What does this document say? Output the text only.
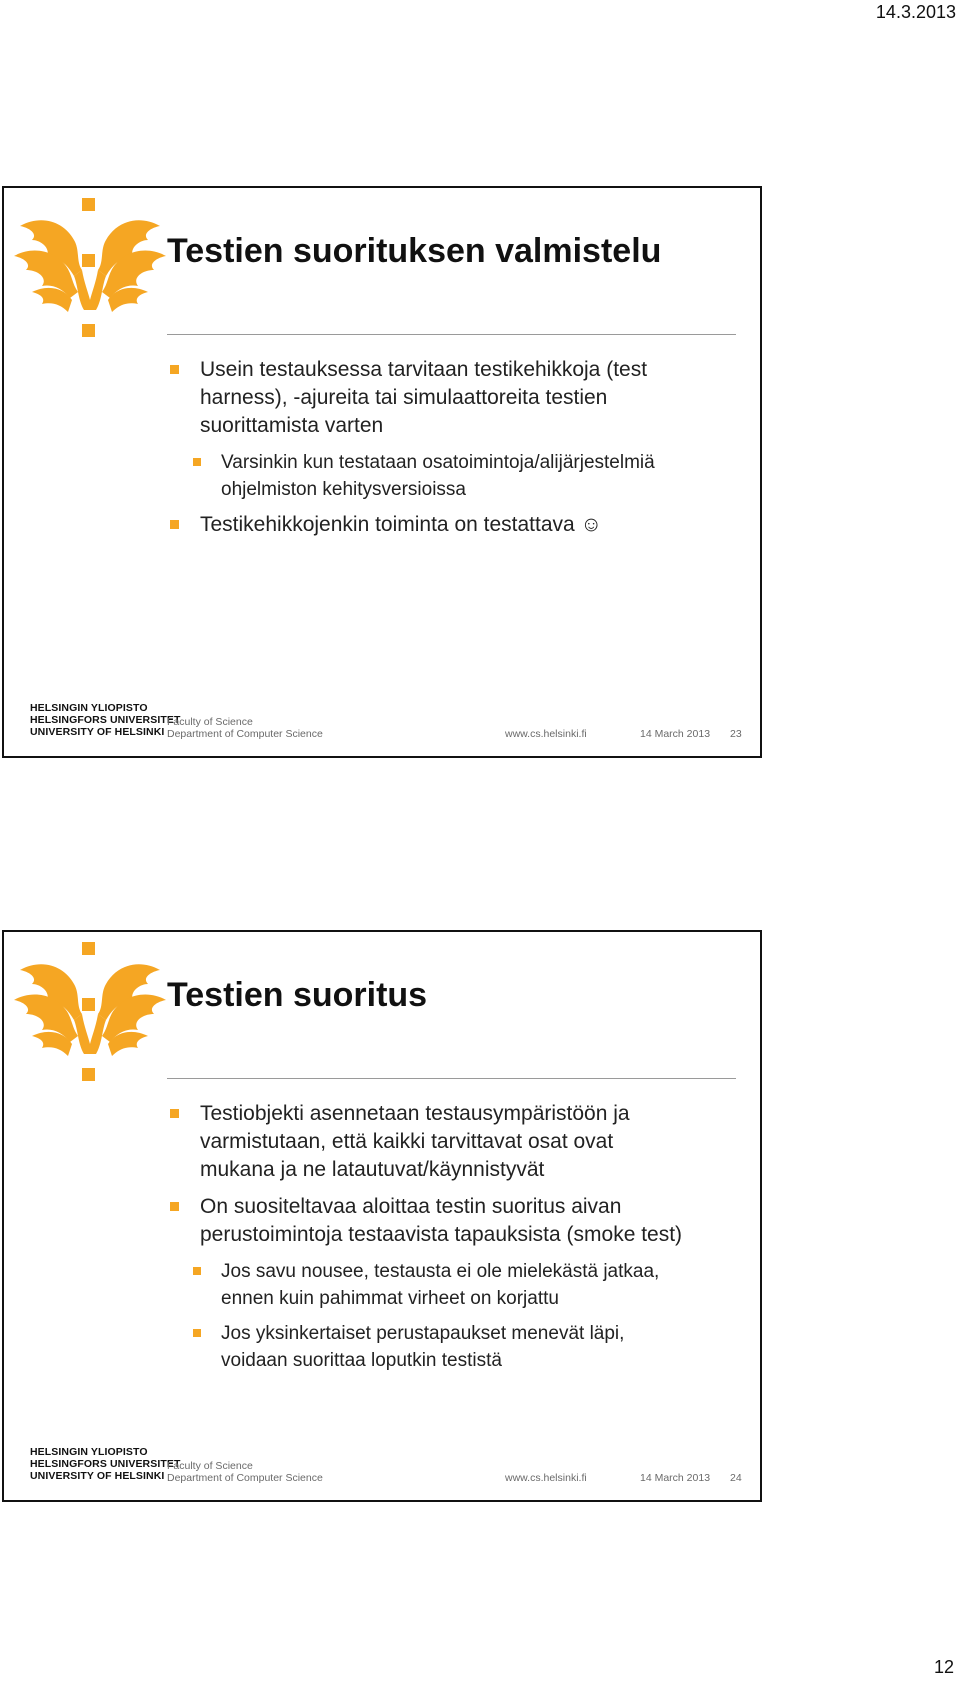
14.3.2013
Testien suorituksen valmistelu
Usein testauksessa tarvitaan testikehikkoja (test
harness), -ajureita tai simulaattoreita testien
suorittamista varten
Varsinkin kun testataan osatoimintoja/alijärjestelmiä
ohjelmiston kehitysversioissa
Testikehikkojenkin toiminta on testattava ☺
HELSINGIN YLIOPISTO
HELSINGFORS UNIVERSITET
UNIVERSITY OF HELSINKI
Faculty of Science
Department of Computer Science	www.cs.helsinki.fi	14 March 2013 23
Testien suoritus
Testiobjekti asennetaan testausympäristöön ja
varmistutaan, että kaikki tarvittavat osat ovat
mukana ja ne latautuvat/käynnistyvät
On suositeltavaa aloittaa testin suoritus aivan
perustoimintoja testaavista tapauksista (smoke test)
Jos savu nousee, testausta ei ole mielekästä jatkaa,
ennen kuin pahimmat virheet on korjattu
Jos yksinkertaiset perustapaukset menevät läpi,
voidaan suorittaa loputkin testistä
HELSINGIN YLIOPISTO
HELSINGFORS UNIVERSITET
UNIVERSITY OF HELSINKI
Faculty of Science
Department of Computer Science	www.cs.helsinki.fi	14 March 2013 24
12
